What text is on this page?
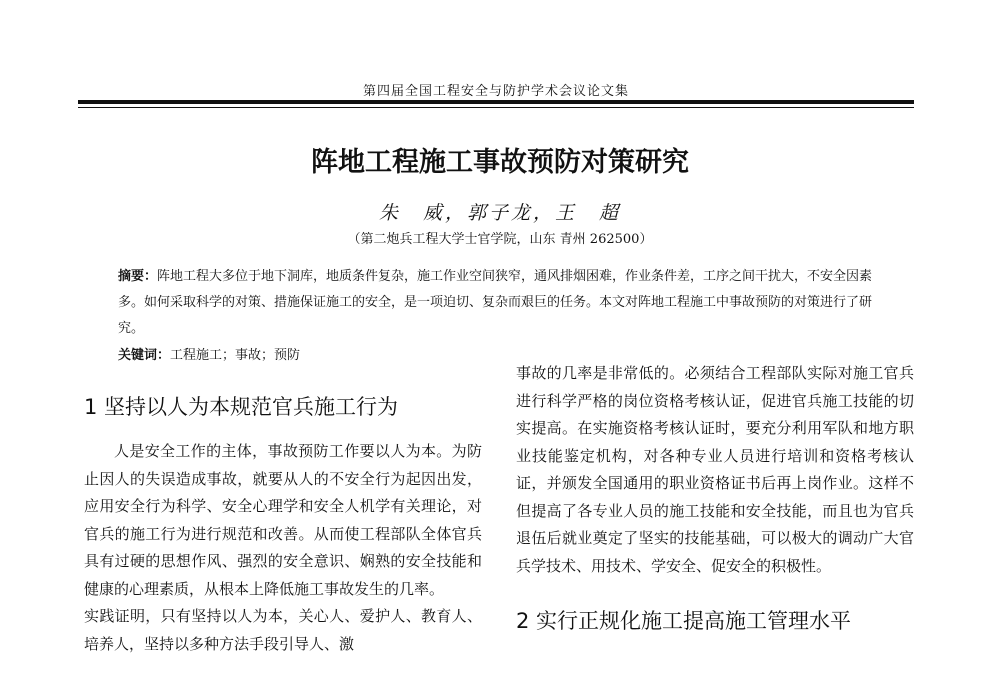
第四届全国工程安全与防护学术会议论文集
阵地工程施工事故预防对策研究
朱　威，郭子龙，王　超
（第二炮兵工程大学士官学院，山东 青州 262500）
摘要：阵地工程大多位于地下洞库，地质条件复杂，施工作业空间狭窄，通风排烟困难，作业条件差，工序之间干扰大，不安全因素多。如何采取科学的对策、措施保证施工的安全，是一项迫切、复杂而艰巨的任务。本文对阵地工程施工中事故预防的对策进行了研究。
关键词：工程施工；事故；预防
1 坚持以人为本规范官兵施工行为

人是安全工作的主体，事故预防工作要以人为本。为防止因人的失误造成事故，就要从人的不安全行为起因出发，应用安全行为科学、安全心理学和安全人机学有关理论，对官兵的施工行为进行规范和改善。从而使工程部队全体官兵具有过硬的思想作风、强烈的安全意识、娴熟的安全技能和健康的心理素质，从根本上降低施工事故发生的几率。

实践证明，只有坚持以人为本，关心人、爱护人、教育人、培养人，坚持以多种方法手段引导人、激

事故的几率是非常低的。必须结合工程部队实际对施工官兵进行科学严格的岗位资格考核认证，促进官兵施工技能的切实提高。在实施资格考核认证时，要充分利用军队和地方职业技能鉴定机构，对各种专业人员进行培训和资格考核认证，并颁发全国通用的职业资格证书后再上岗作业。这样不但提高了各专业人员的施工技能和安全技能，而且也为官兵退伍后就业奠定了坚实的技能基础，可以极大的调动广大官兵学技术、用技术、学安全、促安全的积极性。

2 实行正规化施工提高施工管理水平
